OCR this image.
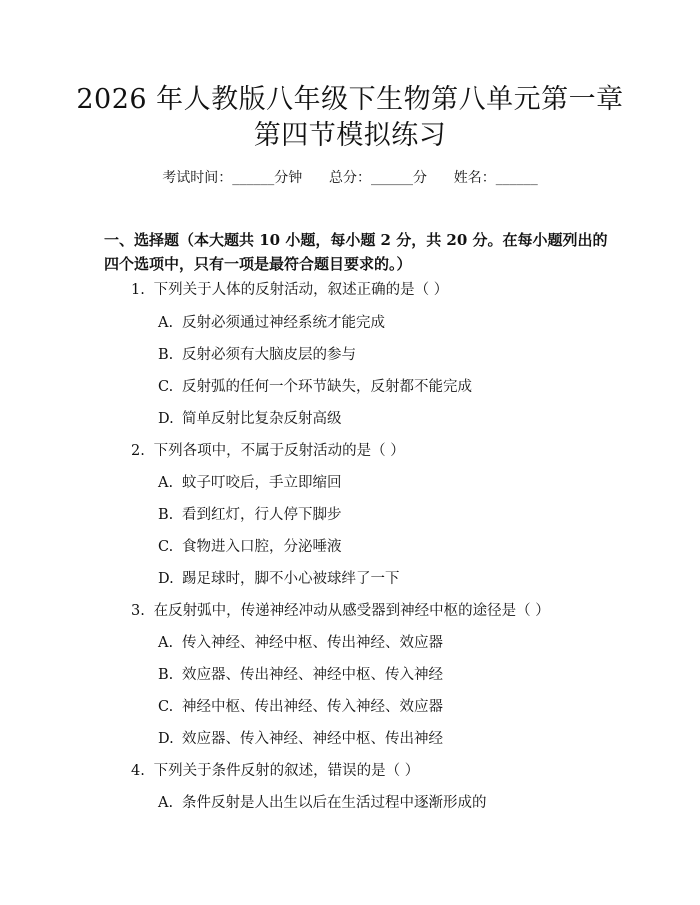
2026 年人教版八年级下生物第八单元第一章
第四节模拟练习
考试时间：______分钟 总分：______分 姓名：______
一、选择题（本大题共 10 小题，每小题 2 分，共 20 分。在每小题列出的四个选项中，只有一项是最符合题目要求的。）
1. 下列关于人体的反射活动，叙述正确的是（ ）
A. 反射必须通过神经系统才能完成
B. 反射必须有大脑皮层的参与
C. 反射弧的任何一个环节缺失，反射都不能完成
D. 简单反射比复杂反射高级
2. 下列各项中，不属于反射活动的是（ ）
A. 蚊子叮咬后，手立即缩回
B. 看到红灯，行人停下脚步
C. 食物进入口腔，分泌唾液
D. 踢足球时，脚不小心被球绊了一下
3. 在反射弧中，传递神经冲动从感受器到神经中枢的途径是（ ）
A. 传入神经、神经中枢、传出神经、效应器
B. 效应器、传出神经、神经中枢、传入神经
C. 神经中枢、传出神经、传入神经、效应器
D. 效应器、传入神经、神经中枢、传出神经
4. 下列关于条件反射的叙述，错误的是（ ）
A. 条件反射是人出生以后在生活过程中逐渐形成的
